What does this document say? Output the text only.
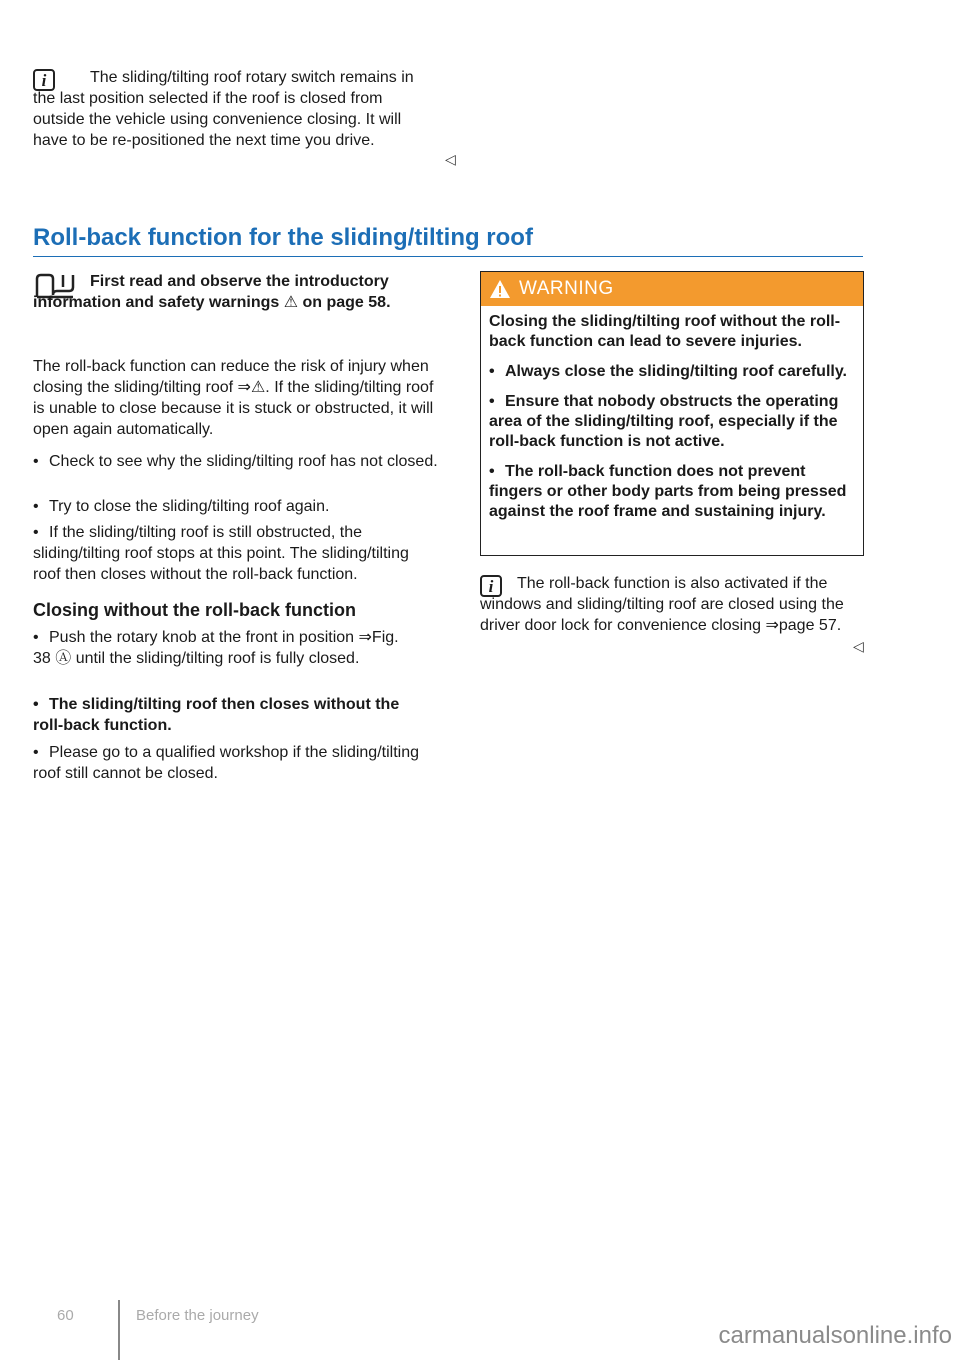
i	The sliding/tilting roof rotary switch remains in the last position selected if the roof is closed from outside the vehicle using convenience closing. It will have to be re-positioned the next time you drive.
◁
Roll-back function for the sliding/tilting roof
First read and observe the introductory information and safety warnings ⚠ on page 58.
The roll-back function can reduce the risk of injury when closing the sliding/tilting roof ⇒⚠. If the sliding/tilting roof is unable to close because it is stuck or obstructed, it will open again automatically.
• Check to see why the sliding/tilting roof has not closed.
• Try to close the sliding/tilting roof again.
• If the sliding/tilting roof is still obstructed, the sliding/tilting roof stops at this point. The sliding/tilting roof then closes without the roll-back function.
Closing without the roll-back function
• Push the rotary knob at the front in position ⇒Fig. 38 Ⓐ until the sliding/tilting roof is fully closed.
• The sliding/tilting roof then closes without the roll-back function.
• Please go to a qualified workshop if the sliding/tilting roof still cannot be closed.
WARNING

Closing the sliding/tilting roof without the roll-back function can lead to severe injuries.

• Always close the sliding/tilting roof carefully.

• Ensure that nobody obstructs the operating area of the sliding/tilting roof, especially if the roll-back function is not active.

• The roll-back function does not prevent fingers or other body parts from being pressed against the roof frame and sustaining injury.

i	The roll-back function is also activated if the windows and sliding/tilting roof are closed using the driver door lock for convenience closing ⇒page 57.
◁
60	Before the journey
carmanualsonline.info
